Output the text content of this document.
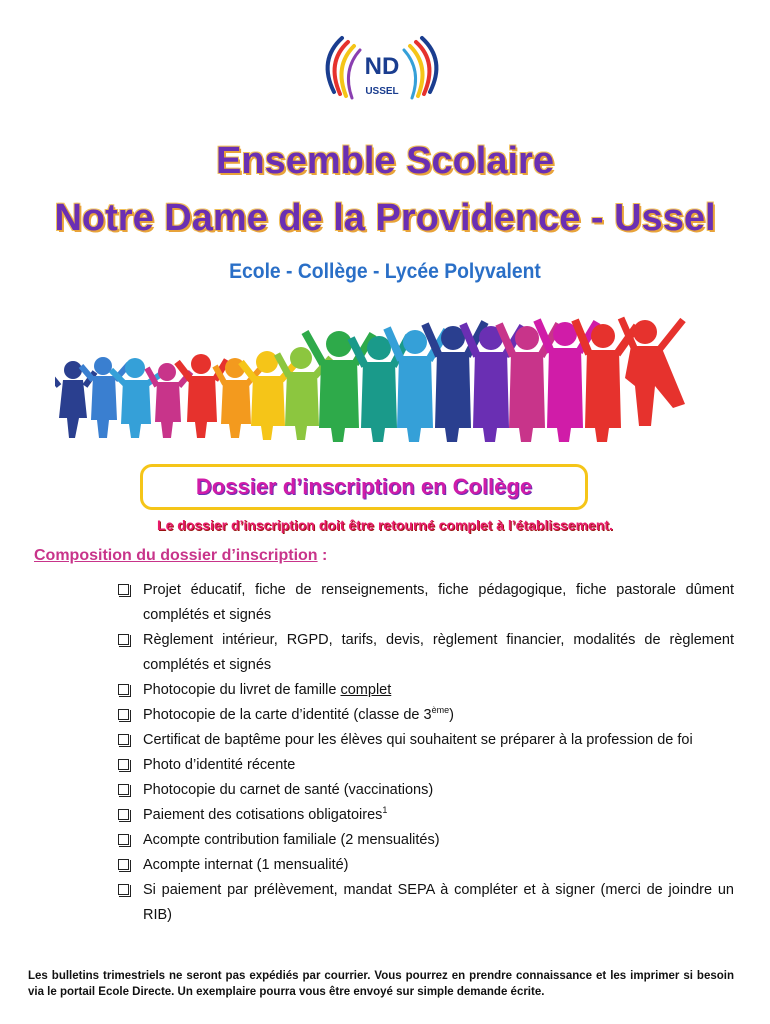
ND
USSEL
Ensemble Scolaire
Notre Dame de la Providence - Ussel
Ecole - Collège - Lycée Polyvalent
Dossier d’inscription en Collège
Le dossier d’inscription doit être retourné complet à l’établissement.
Composition du dossier d’inscription :
Projet éducatif, fiche de renseignements, fiche pédagogique, fiche pastorale dûment complétés et signés
Règlement intérieur, RGPD, tarifs, devis, règlement financier, modalités de règlement complétés et signés
Photocopie du livret de famille complet
Photocopie de la carte d’identité (classe de 3ème)
Certificat de baptême pour les élèves qui souhaitent se préparer à la profession de foi
Photo d’identité récente
Photocopie du carnet de santé (vaccinations)
Paiement des cotisations obligatoires$^1$
Acompte contribution familiale (2 mensualités)
Acompte internat (1 mensualité)
Si paiement par prélèvement, mandat SEPA à compléter et à signer (merci de joindre un RIB)
Les bulletins trimestriels ne seront pas expédiés par courrier. Vous pourrez en prendre connaissance et les imprimer si besoin via le portail Ecole Directe. Un exemplaire pourra vous être envoyé sur simple demande écrite.
